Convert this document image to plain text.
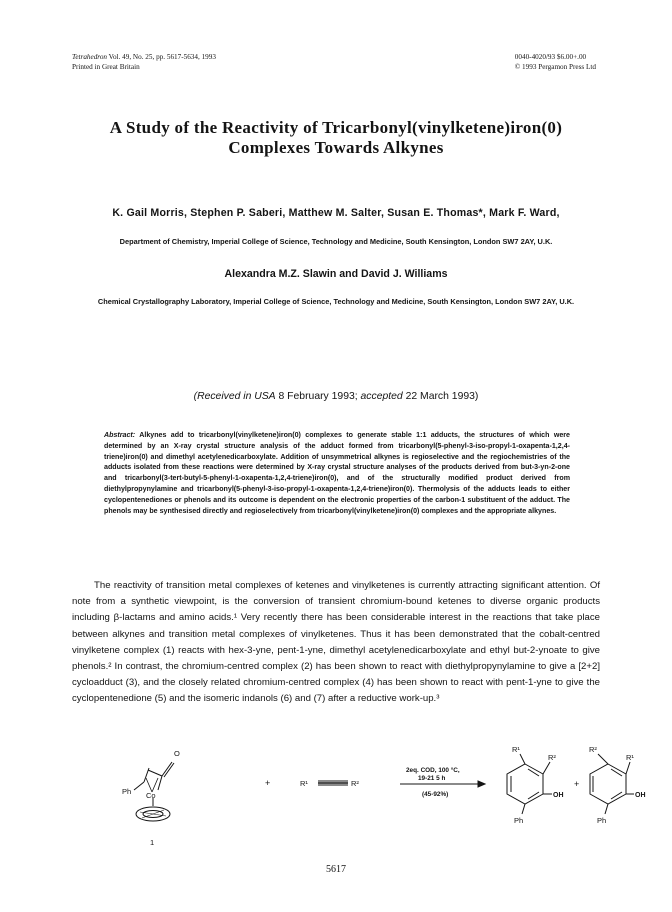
Tetrahedron Vol. 49, No. 25, pp. 5617-5634, 1993
Printed in Great Britain
0040-4020/93 $6.00+.00
© 1993 Pergamon Press Ltd
A Study of the Reactivity of Tricarbonyl(vinylketene)iron(0)
Complexes Towards Alkynes
K. Gail Morris, Stephen P. Saberi, Matthew M. Salter, Susan E. Thomas*, Mark F. Ward,
Department of Chemistry, Imperial College of Science, Technology and Medicine, South Kensington, London SW7 2AY, U.K.
Alexandra M.Z. Slawin and David J. Williams
Chemical Crystallography Laboratory, Imperial College of Science, Technology and Medicine, South Kensington, London SW7 2AY, U.K.
(Received in USA 8 February 1993; accepted 22 March 1993)
Abstract: Alkynes add to tricarbonyl(vinylketene)iron(0) complexes to generate stable 1:1 adducts, the structures of which were determined by an X-ray crystal structure analysis of the adduct formed from tricarbonyl(5-phenyl-3-iso-propyl-1-oxapenta-1,2,4-triene)iron(0) and dimethyl acetylenedicarboxylate. Addition of unsymmetrical alkynes is regioselective and the regiochemistries of the adducts isolated from these reactions were determined by X-ray crystal structure analyses of the products derived from but-3-yn-2-one and tricarbonyl(3-tert-butyl-5-phenyl-1-oxapenta-1,2,4-triene)iron(0), and of the structurally modified product derived from diethylpropynylamine and tricarbonyl(5-phenyl-3-iso-propyl-1-oxapenta-1,2,4-triene)iron(0). Thermolysis of the adducts leads to either cyclopentenediones or phenols and its outcome is dependent on the electronic properties of the carbon-1 substituent of the adduct. The phenols may be synthesised directly and regioselectively from tricarbonyl(vinylketene)iron(0) complexes and the appropriate alkynes.

The reactivity of transition metal complexes of ketenes and vinylketenes is currently attracting significant attention. Of note from a synthetic viewpoint, is the conversion of transient chromium-bound ketenes to diverse organic products including β-lactams and amino acids.¹ Very recently there has been considerable interest in the reactions that take place between alkynes and transition metal complexes of vinylketenes. Thus it has been demonstrated that the cobalt-centred vinylketene complex (1) reacts with hex-3-yne, pent-1-yne, dimethyl acetylenedicarboxylate and ethyl but-2-ynoate to give phenols.² In contrast, the chromium-centred complex (2) has been shown to react with diethylpropynylamine to give a [2+2] cycloadduct (3), and the closely related chromium-centred complex (4) has been shown to react with pent-1-yne to give the cyclopentenedione (5) and the isomeric indanols (6) and (7) after a reductive work-up.³

O
Ph Co
1
+	R¹	R²
2eq. COD, 100 °C,
19-21 5 h
(45-92%)
R¹
R²
OH
Ph
+
R²
R¹
OH
Ph
5617
